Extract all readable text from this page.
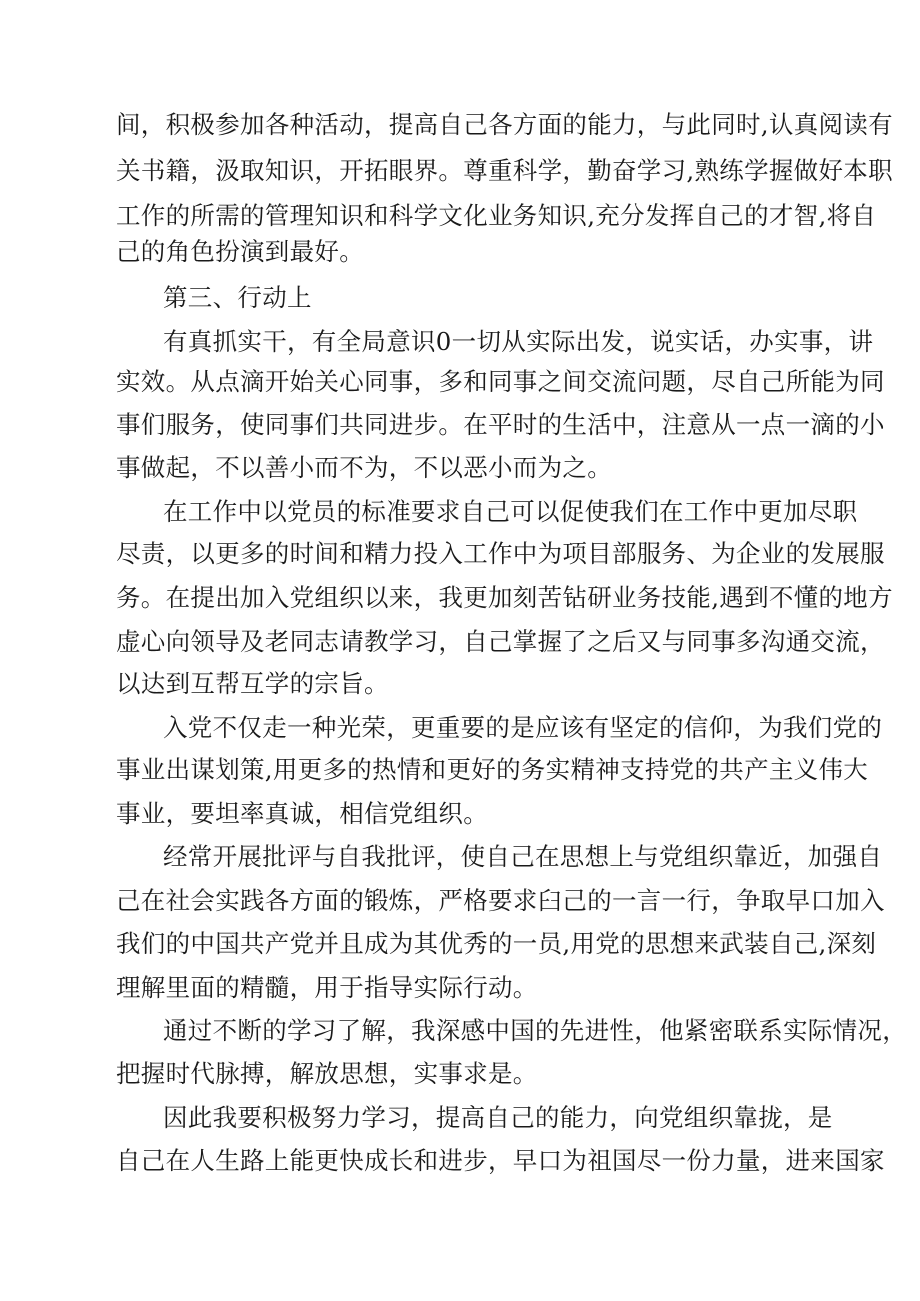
间，积极参加各种活动，提高自己各方面的能力，与此同时,认真阅读有
关书籍，汲取知识，开拓眼界。尊重科学，勤奋学习,熟练学握做好本职
工作的所需的管理知识和科学文化业务知识,充分发挥自己的才智,将自
己的角色扮演到最好。
第三、行动上
有真抓实干，有全局意识0一切从实际出发，说实话，办实事，讲
实效。从点滴开始关心同事，多和同事之间交流问题，尽自己所能为同
事们服务，使同事们共同进步。在平时的生活中，注意从一点一滴的小
事做起，不以善小而不为，不以恶小而为之。
在工作中以党员的标准要求自己可以促使我们在工作中更加尽职
尽责，以更多的时间和精力投入工作中为项目部服务、为企业的发展服
务。在提出加入党组织以来，我更加刻苦钻研业务技能,遇到不懂的地方
虚心向领导及老同志请教学习，自己掌握了之后又与同事多沟通交流，
以达到互帮互学的宗旨。
入党不仅走一种光荣，更重要的是应该有坚定的信仰，为我们党的
事业出谋划策,用更多的热情和更好的务实精神支持党的共产主义伟大
事业，要坦率真诚，相信党组织。
经常开展批评与自我批评，使自己在思想上与党组织靠近，加强自
己在社会实践各方面的锻炼，严格要求臼己的一言一行，争取早口加入
我们的中国共产党并且成为其优秀的一员,用党的思想来武装自己,深刻
理解里面的精髓，用于指导实际行动。
通过不断的学习了解，我深感中国的先进性，他紧密联系实际情况，
把握时代脉搏，解放思想，实事求是。
因此我要积极努力学习，提高自己的能力，向党组织靠拢，是
自己在人生路上能更快成长和进步，早口为祖国尽一份力量，进来国家
